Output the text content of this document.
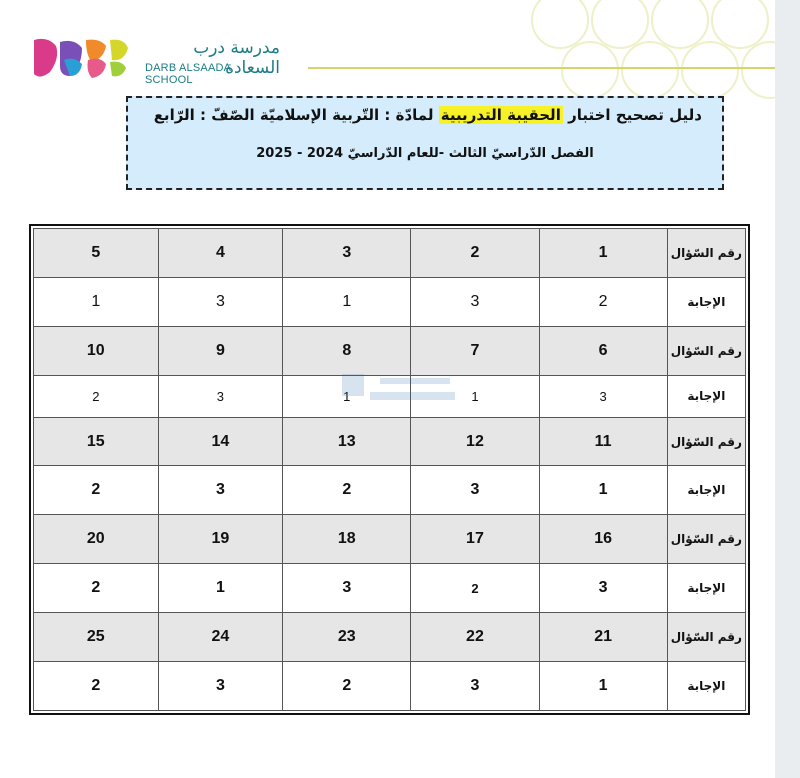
مدرسة درب السعادة
DARB ALSAADA SCHOOL
دليل تصحيح اختبار الحقيبة التدريبية لمادّة : التّربية الإسلاميّة الصّفّ : الرّابع
الفصل الدّراسيّ الثالث -للعام الدّراسيّ 2024 - 2025
رقم السّؤال	1	2	3	4	5
الإجابة	2	3	1	3	1
رقم السّؤال	6	7	8	9	10
الإجابة	3	1	1	3	2
رقم السّؤال	11	12	13	14	15
الإجابة	1	3	2	3	2
رقم السّؤال	16	17	18	19	20
الإجابة	3	2	3	1	2
رقم السّؤال	21	22	23	24	25
الإجابة	1	3	2	3	2
